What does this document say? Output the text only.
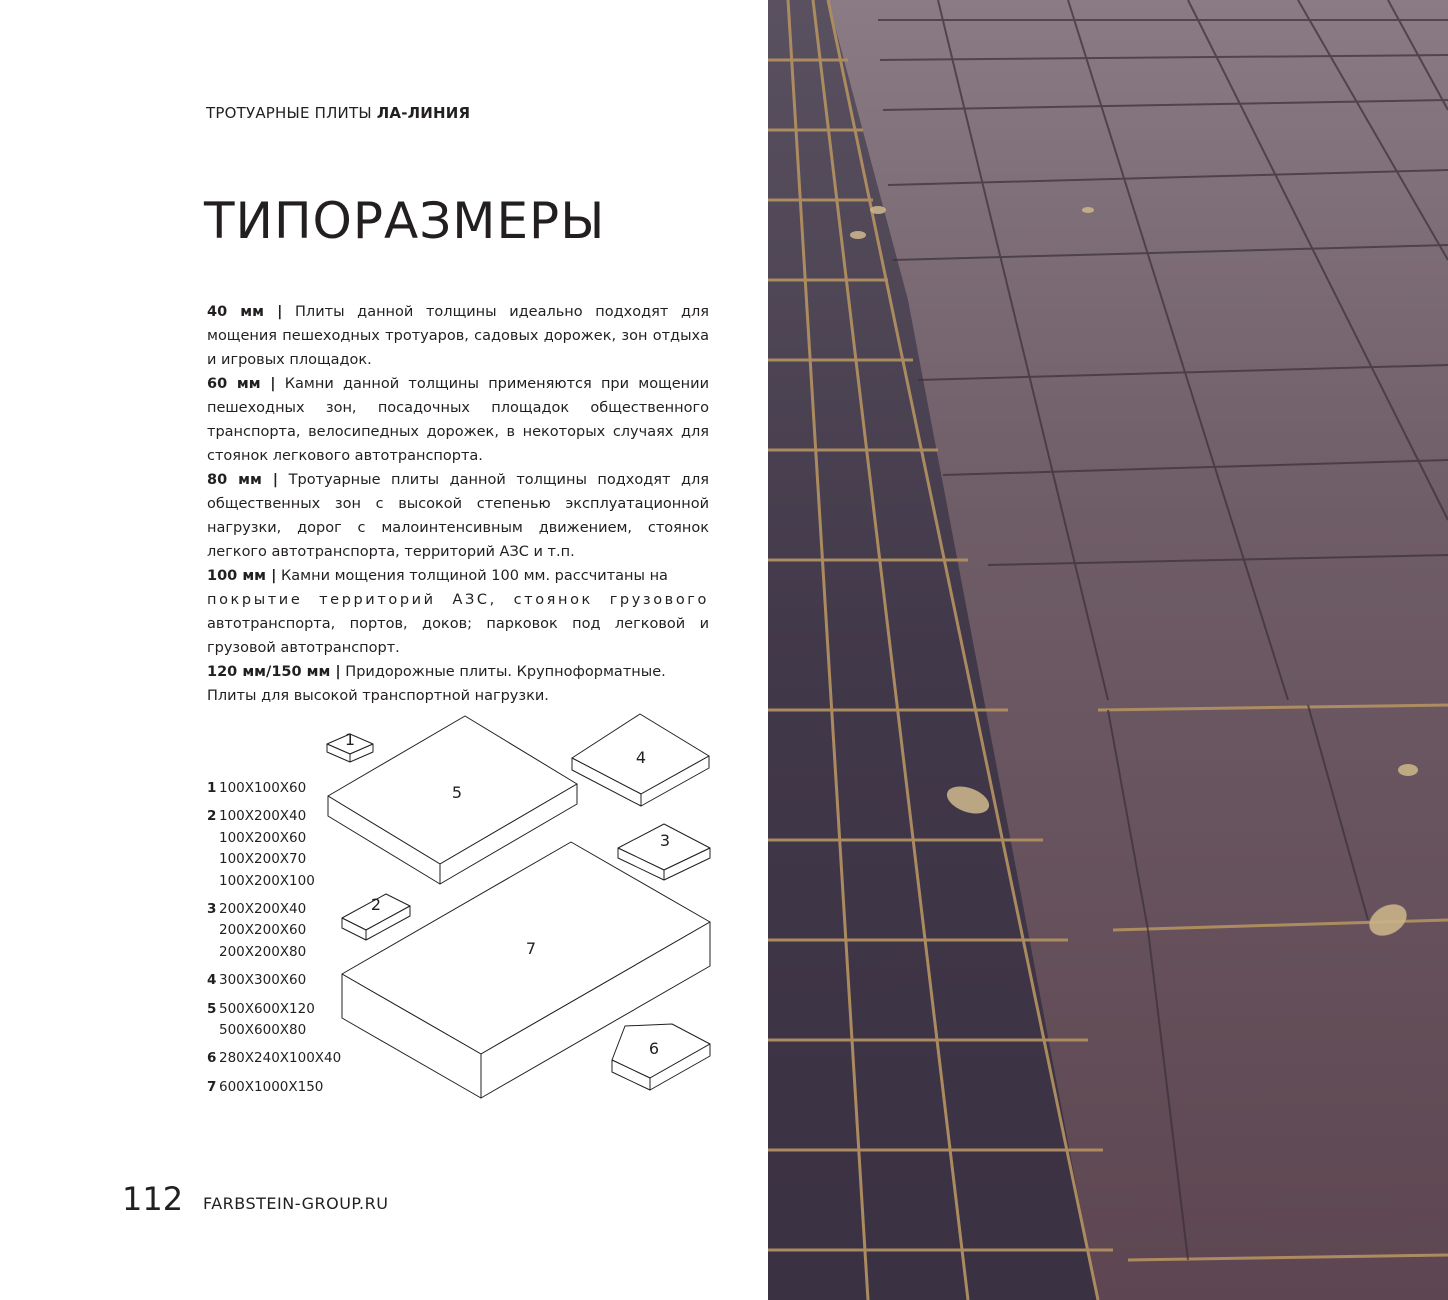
ТРОТУАРНЫЕ ПЛИТЫ ЛА-ЛИНИЯ
ТИПОРАЗМЕРЫ

40 мм | Плиты данной толщины идеально подходят для мощения пешеходных тротуаров, садовых дорожек, зон отдыха и игровых площадок.

60 мм | Камни данной толщины применяются при мощении пешеходных зон, посадочных площадок общественного транспорта, велосипедных дорожек, в некоторых случаях для стоянок легкового автотранспорта.

80 мм | Тротуарные плиты данной толщины подходят для общественных зон с высокой степенью эксплуатационной нагрузки, дорог с малоинтенсивным движением, стоянок легкого автотранспорта, территорий АЗС и т.п.

100 мм | Камни мощения толщиной 100 мм. рассчитаны на
покрытие территорий АЗС, стоянок грузового автотранспорта, портов, доков; парковок под легковой и грузовой автотранспорт.

120 мм/150 мм | Придорожные плиты. Крупноформатные. Плиты для высокой транспортной нагрузки.

1
2
3
4
5
6
7
1 100X100X60
2 100X200X40
100X200X60
100X200X70
100X200X100
3 200X200X40
200X200X60
200X200X80
4 300X300X60
5 500X600X120
500X600X80
6 280X240X100X40
7 600X1000X150
112 FARBSTEIN-GROUP.RU
